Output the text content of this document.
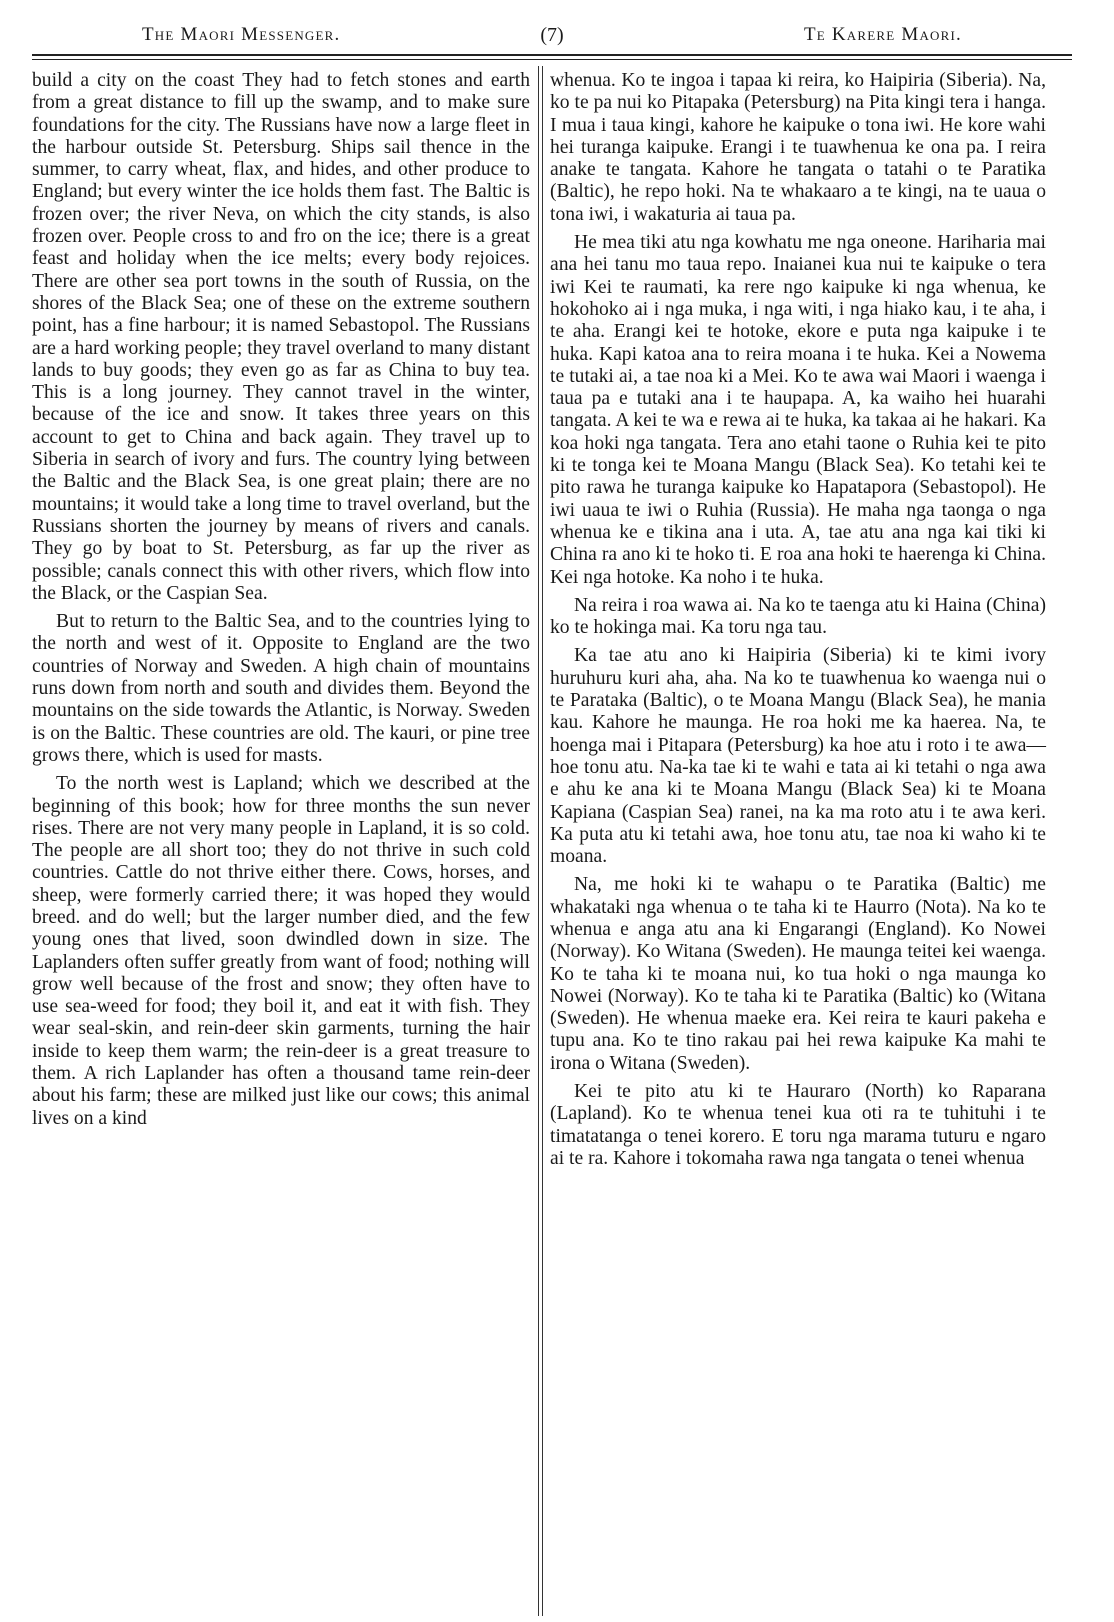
The Maori Messenger.	(7)	Te Karere Maori.

build a city on the coast They had to fetch stones and earth from a great distance to fill up the swamp, and to make sure foundations for the city. The Russians have now a large fleet in the harbour outside St. Petersburg. Ships sail thence in the summer, to carry wheat, flax, and hides, and other produce to England; but every winter the ice holds them fast. The Baltic is frozen over; the river Neva, on which the city stands, is also frozen over. People cross to and fro on the ice; there is a great feast and holiday when the ice melts; every body rejoices. There are other sea port towns in the south of Russia, on the shores of the Black Sea; one of these on the extreme southern point, has a fine harbour; it is named Sebastopol. The Russians are a hard working people; they travel overland to many distant lands to buy goods; they even go as far as China to buy tea. This is a long journey. They cannot travel in the winter, because of the ice and snow. It takes three years on this account to get to China and back again. They travel up to Siberia in search of ivory and furs. The country lying between the Baltic and the Black Sea, is one great plain; there are no mountains; it would take a long time to travel overland, but the Russians shorten the journey by means of rivers and canals. They go by boat to St. Petersburg, as far up the river as possible; canals connect this with other rivers, which flow into the Black, or the Caspian Sea.

But to return to the Baltic Sea, and to the countries lying to the north and west of it. Opposite to England are the two countries of Norway and Sweden. A high chain of mountains runs down from north and south and divides them. Beyond the mountains on the side towards the Atlantic, is Norway. Sweden is on the Baltic. These countries are old. The kauri, or pine tree grows there, which is used for masts.

To the north west is Lapland; which we described at the beginning of this book; how for three months the sun never rises. There are not very many people in Lapland, it is so cold. The people are all short too; they do not thrive in such cold countries. Cattle do not thrive either there. Cows, horses, and sheep, were formerly carried there; it was hoped they would breed. and do well; but the larger number died, and the few young ones that lived, soon dwindled down in size. The Laplanders often suffer greatly from want of food; nothing will grow well because of the frost and snow; they often have to use sea-weed for food; they boil it, and eat it with fish. They wear seal-skin, and rein-deer skin garments, turning the hair inside to keep them warm; the rein-deer is a great treasure to them. A rich Laplander has often a thousand tame rein-deer about his farm; these are milked just like our cows; this animal lives on a kind

whenua. Ko te ingoa i tapaa ki reira, ko Haipiria (Siberia). Na, ko te pa nui ko Pitapaka (Petersburg) na Pita kingi tera i hanga. I mua i taua kingi, kahore he kaipuke o tona iwi. He kore wahi hei turanga kaipuke. Erangi i te tuawhenua ke ona pa. I reira anake te tangata. Kahore he tangata o tatahi o te Paratika (Baltic), he repo hoki. Na te whakaaro a te kingi, na te uaua o tona iwi, i wakaturia ai taua pa.

He mea tiki atu nga kowhatu me nga oneone. Hariharia mai ana hei tanu mo taua repo. Inaianei kua nui te kaipuke o tera iwi Kei te raumati, ka rere ngo kaipuke ki nga whenua, ke hokohoko ai i nga muka, i nga witi, i nga hiako kau, i te aha, i te aha. Erangi kei te hotoke, ekore e puta nga kaipuke i te huka. Kapi katoa ana to reira moana i te huka. Kei a Nowema te tutaki ai, a tae noa ki a Mei. Ko te awa wai Maori i waenga i taua pa e tutaki ana i te haupapa. A, ka waiho hei huarahi tangata. A kei te wa e rewa ai te huka, ka takaa ai he hakari. Ka koa hoki nga tangata. Tera ano etahi taone o Ruhia kei te pito ki te tonga kei te Moana Mangu (Black Sea). Ko tetahi kei te pito rawa he turanga kaipuke ko Hapatapora (Sebastopol). He iwi uaua te iwi o Ruhia (Russia). He maha nga taonga o nga whenua ke e tikina ana i uta. A, tae atu ana nga kai tiki ki China ra ano ki te hoko ti. E roa ana hoki te haerenga ki China. Kei nga hotoke. Ka noho i te huka.

Na reira i roa wawa ai. Na ko te taenga atu ki Haina (China) ko te hokinga mai. Ka toru nga tau.

Ka tae atu ano ki Haipiria (Siberia) ki te kimi ivory huruhuru kuri aha, aha. Na ko te tuawhenua ko waenga nui o te Parataka (Baltic), o te Moana Mangu (Black Sea), he mania kau. Kahore he maunga. He roa hoki me ka haerea. Na, te hoenga mai i Pitapara (Petersburg) ka hoe atu i roto i te awa—hoe tonu atu. Na-ka tae ki te wahi e tata ai ki tetahi o nga awa e ahu ke ana ki te Moana Mangu (Black Sea) ki te Moana Kapiana (Caspian Sea) ranei, na ka ma roto atu i te awa keri. Ka puta atu ki tetahi awa, hoe tonu atu, tae noa ki waho ki te moana.

Na, me hoki ki te wahapu o te Paratika (Baltic) me whakataki nga whenua o te taha ki te Haurro (Nota). Na ko te whenua e anga atu ana ki Engarangi (England). Ko Nowei (Norway). Ko Witana (Sweden). He maunga teitei kei waenga. Ko te taha ki te moana nui, ko tua hoki o nga maunga ko Nowei (Norway). Ko te taha ki te Paratika (Baltic) ko (Witana (Sweden). He whenua maeke era. Kei reira te kauri pakeha e tupu ana. Ko te tino rakau pai hei rewa kaipuke Ka mahi te irona o Witana (Sweden).

Kei te pito atu ki te Hauraro (North) ko Raparana (Lapland). Ko te whenua tenei kua oti ra te tuhituhi i te timatatanga o tenei korero. E toru nga marama tuturu e ngaro ai te ra. Kahore i tokomaha rawa nga tangata o tenei whenua
